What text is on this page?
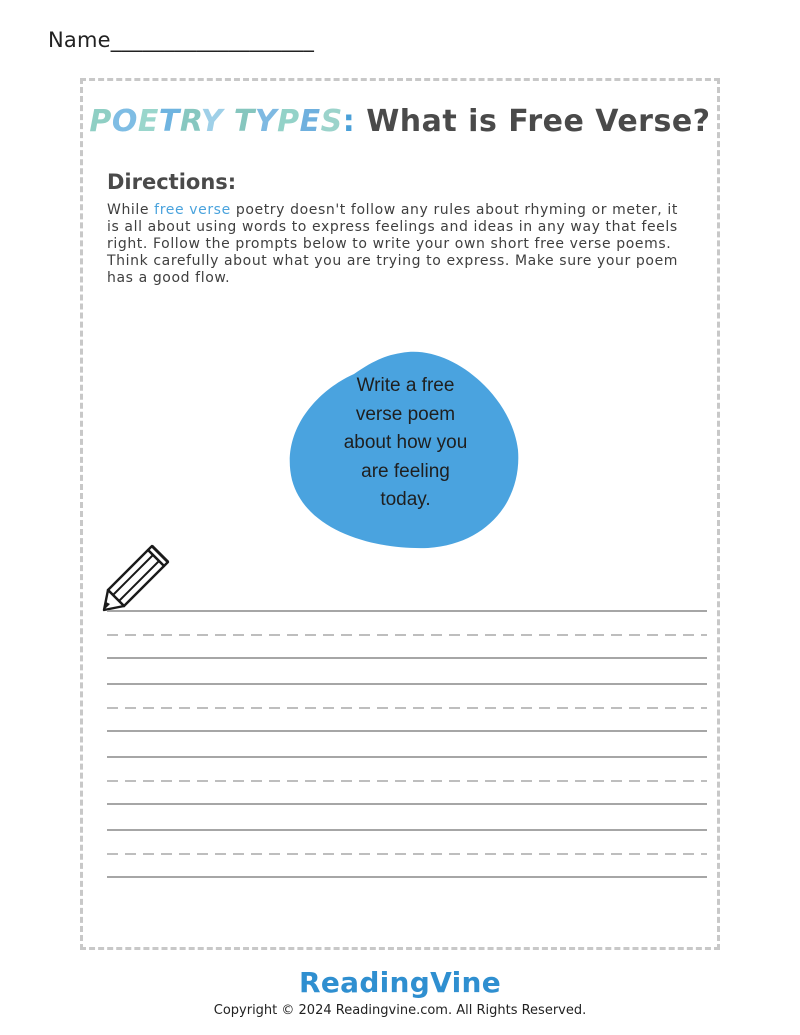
Name___________________
POETRY TYPES: What is Free Verse?
Directions:
While free verse poetry doesn't follow any rules about rhyming or meter, it is all about using words to express feelings and ideas in any way that feels right. Follow the prompts below to write your own short free verse poems. Think carefully about what you are trying to express. Make sure your poem has a good flow.
Write a free
verse poem
about how you
are feeling
today.
ReadingVine
Copyright © 2024 Readingvine.com. All Rights Reserved.
